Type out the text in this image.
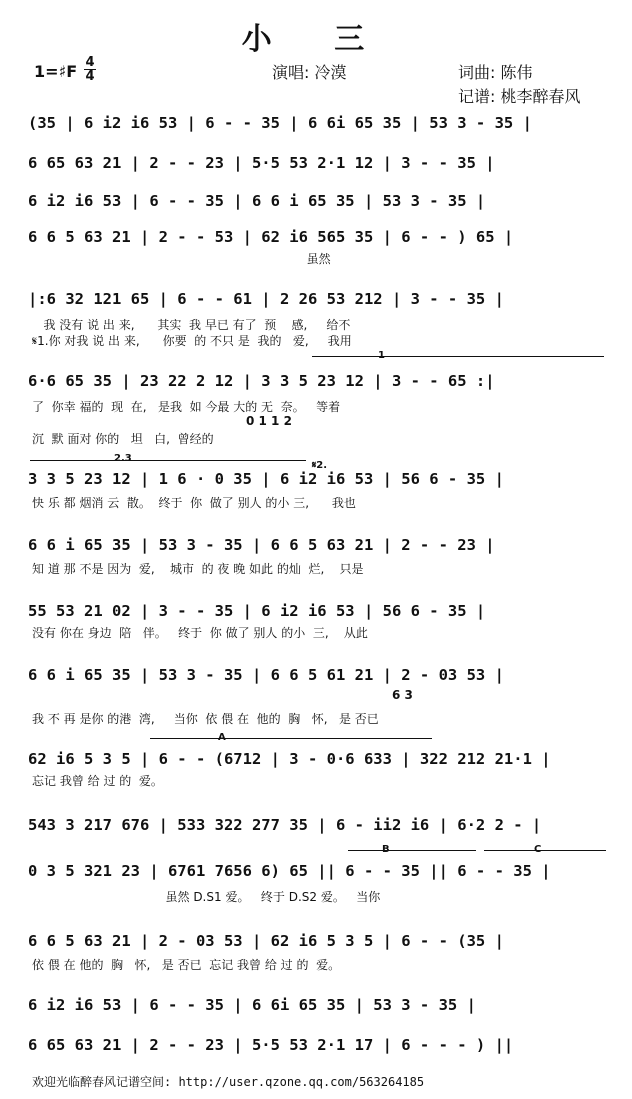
小 三
1=♯F 4
4	演唱: 冷漠	词曲: 陈伟
记谱: 桃李醉春风
(35 | 6 i2 i6 53 | 6 - - 35 | 6 6i 65 35 | 53 3 - 35 |
6 65 63 21 | 2 - - 23 | 5·5 53 2·1 12 | 3 - - 35 |
6 i2 i6 53 | 6 - - 35 | 6 6 i 65 35 | 53 3 - 35 |
6 6 5 63 21 | 2 - - 53 | 62 i6 565 35 | 6 - - ) 65 |
虽然
|:6 32 121 65 | 6 - - 61 | 2 26 53 212 | 3 - - 35 |
我 没有 说 出 来,      其实  我 早已 有了  预    感,     给不
𝄋1.你 对我 说 出 来,      你要  的 不只 是  我的   爱,     我用
1
6·6 65 35 | 23 22 2 12 | 3 3 5 23 12 | 3 - - 65 :|
了  你幸 福的  现  在,   是我  如 今最 大的 无  奈。   等着
沉  默 面对 你的   坦   白,  曾经的
0 1 1 2
2.3
𝄋2.
3 3 5 23 12 | 1 6 · 0 35 | 6 i2 i6 53 | 56 6 - 35 |
快 乐 都 烟消 云  散。  终于  你  做了 别人 的小 三,      我也
6 6 i 65 35 | 53 3 - 35 | 6 6 5 63 21 | 2 - - 23 |
知 道 那 不是 因为  爱,    城市  的 夜 晚 如此 的灿  烂,    只是
55 53 21 02 | 3 - - 35 | 6 i2 i6 53 | 56 6 - 35 |
没有 你在 身边  陪   伴。   终于  你 做了 别人 的小  三,    从此
6 6 i 65 35 | 53 3 - 35 | 6 6 5 61 21 | 2 - 03 53 |
6 3
我 不 再 是你 的港  湾,     当你  依 偎 在  他的  胸   怀,   是 否已
A
62 i6 5 3 5 | 6 - - (6712 | 3 - 0·6 633 | 322 212 21·1 |
忘记 我曾 给 过 的  爱。
543 3 217 676 | 533 322 277 35 | 6 - ii2 i6 | 6·2 2 - |
B	C
0 3 5 321 23 | 6761 7656 6) 65 || 6 - - 35 || 6 - - 35 |
虽然 D.S1 爱。   终于 D.S2 爱。   当你
6 6 5 63 21 | 2 - 03 53 | 62 i6 5 3 5 | 6 - - (35 |
依 偎 在 他的  胸   怀,   是 否已  忘记 我曾 给 过 的  爱。
6 i2 i6 53 | 6 - - 35 | 6 6i 65 35 | 53 3 - 35 |
6 65 63 21 | 2 - - 23 | 5·5 53 2·1 17 | 6 - - - ) ||
欢迎光临醉春风记谱空间: http://user.qzone.qq.com/563264185
